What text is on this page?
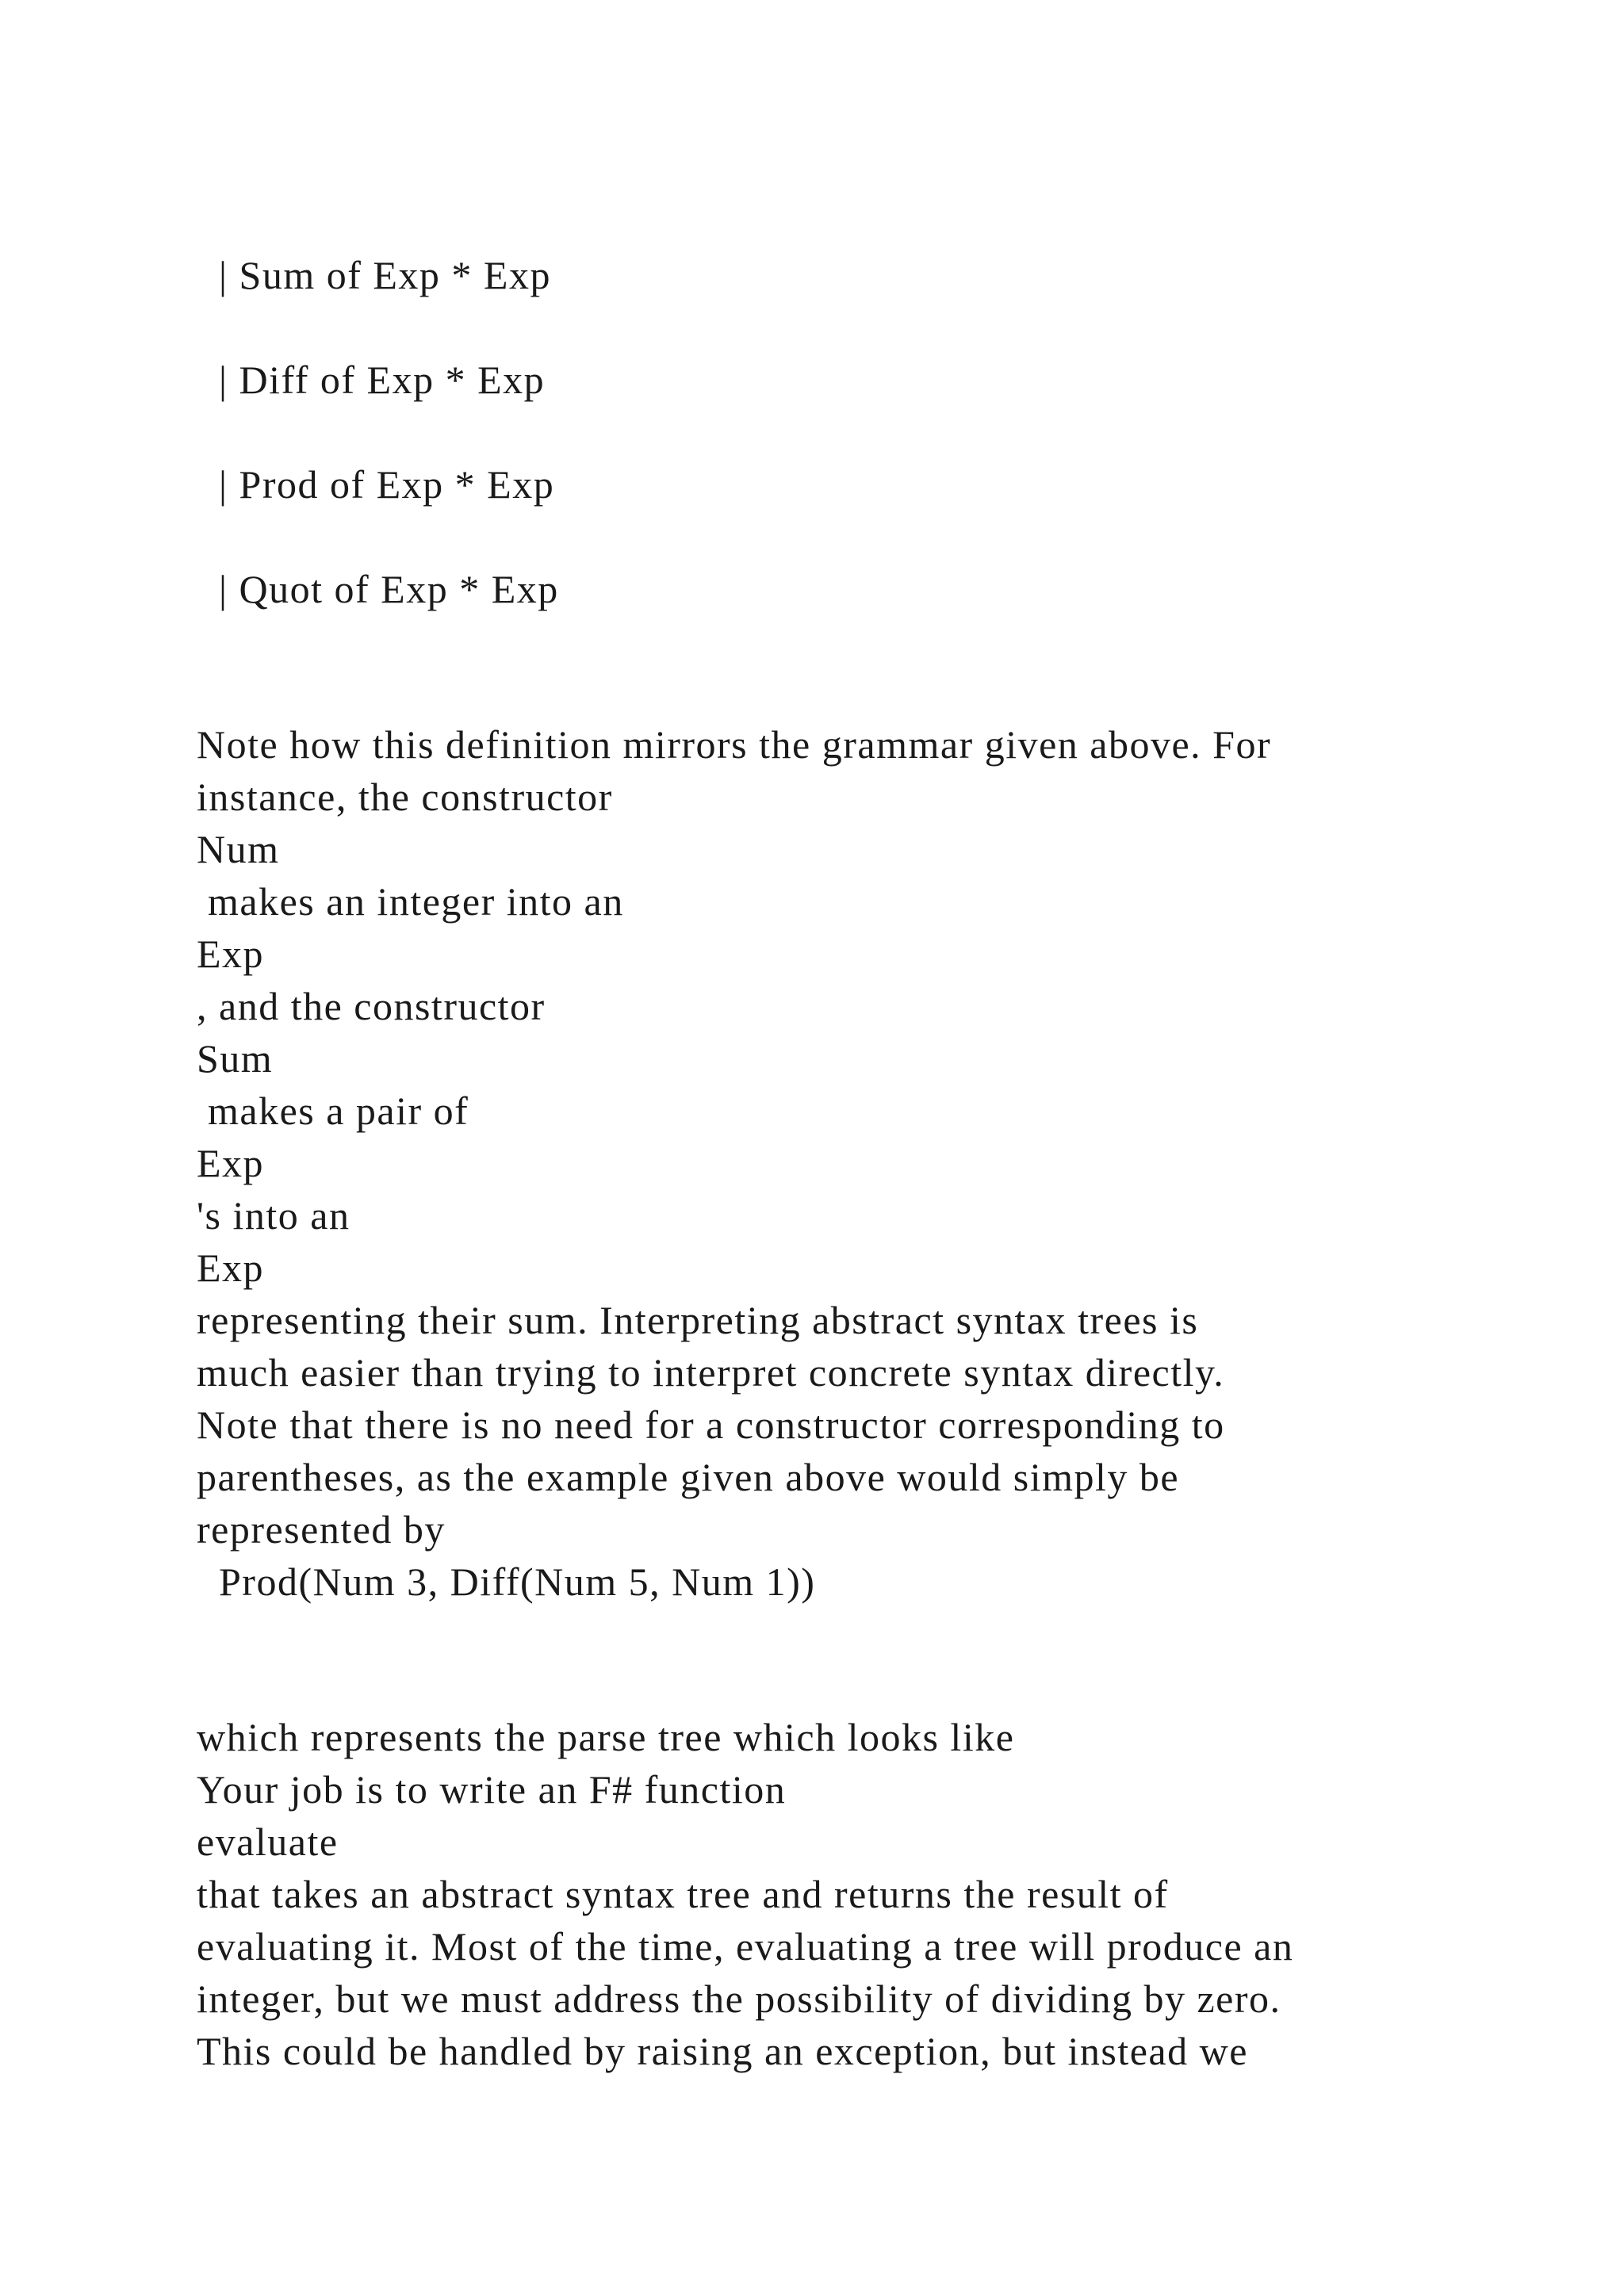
| Sum of Exp * Exp
| Diff of Exp * Exp
| Prod of Exp * Exp
| Quot of Exp * Exp
Note how this definition mirrors the grammar given above. For
instance, the constructor
Num
makes an integer into an
Exp
, and the constructor
Sum
makes a pair of
Exp
's into an
Exp
representing their sum. Interpreting abstract syntax trees is
much easier than trying to interpret concrete syntax directly.
Note that there is no need for a constructor corresponding to
parentheses, as the example given above would simply be
represented by
Prod(Num 3, Diff(Num 5, Num 1))
which represents the parse tree which looks like
Your job is to write an F# function
evaluate
that takes an abstract syntax tree and returns the result of
evaluating it. Most of the time, evaluating a tree will produce an
integer, but we must address the possibility of dividing by zero.
This could be handled by raising an exception, but instead we
